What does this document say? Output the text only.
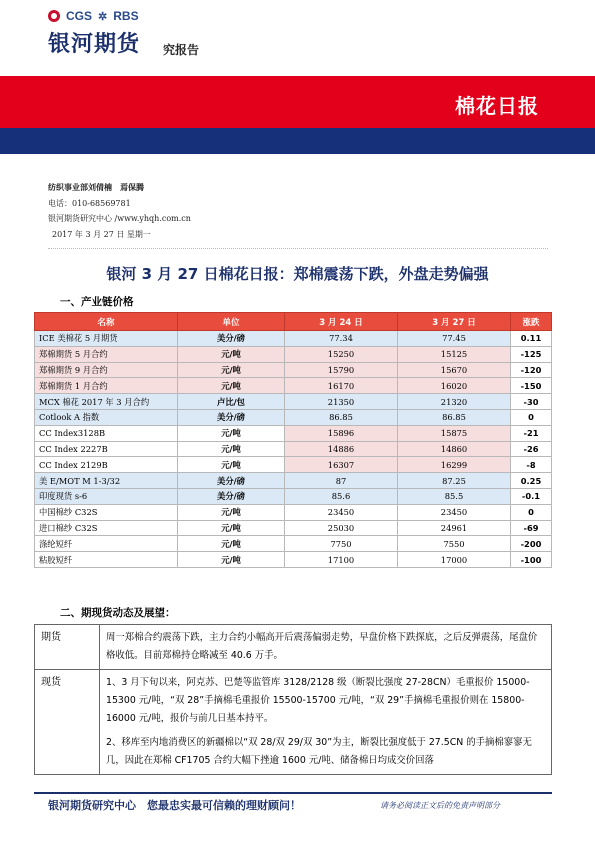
CGS ✲ RBS
银河期货 究报告
棉花日报
纺织事业部刘倩楠　焉保腾
电话：010-68569781
银河期货研究中心 /www.yhqh.com.cn
2017 年 3 月 27 日 星期一
银河 3 月 27 日棉花日报：郑棉震荡下跌，外盘走势偏强
一、产业链价格
名称	单位	3 月 24 日	3 月 27 日	涨跌
ICE 美棉花 5 月期货	美分/磅	77.34	77.45	0.11
郑棉期货 5 月合约	元/吨	15250	15125	-125
郑棉期货 9 月合约	元/吨	15790	15670	-120
郑棉期货 1 月合约	元/吨	16170	16020	-150
MCX 棉花 2017 年 3 月合约	卢比/包	21350	21320	-30
Cotlook A 指数	美分/磅	86.85	86.85	0
CC Index3128B	元/吨	15896	15875	-21
CC Index 2227B	元/吨	14886	14860	-26
CC Index 2129B	元/吨	16307	16299	-8
美 E/MOT M 1-3/32	美分/磅	87	87.25	0.25
印度现货 s-6	美分/磅	85.6	85.5	-0.1
中国棉纱 C32S	元/吨	23450	23450	0
进口棉纱 C32S	元/吨	25030	24961	-69
涤纶短纤	元/吨	7750	7550	-200
粘胶短纤	元/吨	17100	17000	-100
二、期现货动态及展望：
期货	周一郑棉合约震荡下跌，主力合约小幅高开后震荡偏弱走势，早盘价格下跌探底，之后反弹震荡，尾盘价格收低。目前郑棉持仓略减至 40.6 万手。
现货	1、3 月下旬以来，阿克苏、巴楚等监管库 3128/2128 级（断裂比强度 27-28CN）毛重报价 15000-15300 元/吨，“双 28”手摘棉毛重报价 15500-15700 元/吨，“双 29”手摘棉毛重报价则在 15800-16000 元/吨，报价与前几日基本持平。

2、移库至内地消费区的新疆棉以“双 28/双 29/双 30”为主，断裂比强度低于 27.5CN 的手摘棉寥寥无几，因此在郑棉 CF1705 合约大幅下挫逾 1600 元/吨、储备棉日均成交价回落

银河期货研究中心　您最忠实最可信赖的理财顾问！	请务必阅读正文后的免责声明部分
